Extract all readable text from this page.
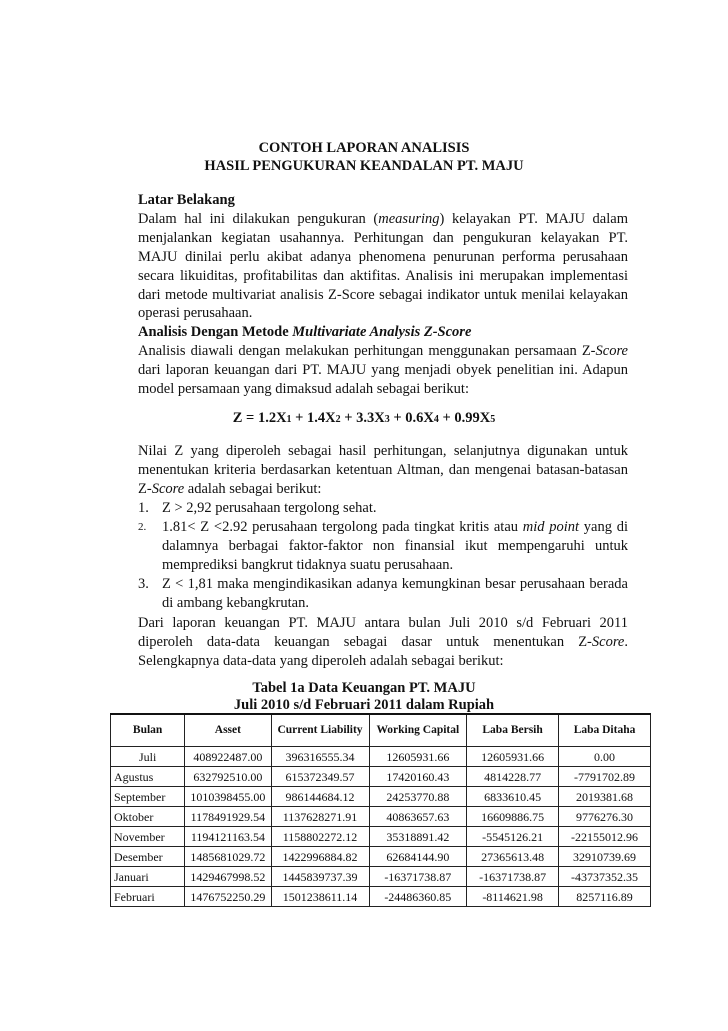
CONTOH LAPORAN ANALISIS
HASIL PENGUKURAN KEANDALAN PT. MAJU
Latar Belakang
Dalam hal ini dilakukan pengukuran (measuring) kelayakan PT. MAJU dalam menjalankan kegiatan usahannya. Perhitungan dan pengukuran kelayakan PT. MAJU dinilai perlu akibat adanya phenomena penurunan performa perusahaan secara likuiditas, profitabilitas dan aktifitas. Analisis ini merupakan implementasi dari metode multivariat analisis Z-Score sebagai indikator untuk menilai kelayakan operasi perusahaan.
Analisis Dengan Metode Multivariate Analysis Z-Score
Analisis diawali dengan melakukan perhitungan menggunakan persamaan Z-Score dari laporan keuangan dari PT. MAJU yang menjadi obyek penelitian ini. Adapun model persamaan yang dimaksud adalah sebagai berikut:
Z = 1.2X1 + 1.4X2 + 3.3X3 + 0.6X4 + 0.99X5
Nilai Z yang diperoleh sebagai hasil perhitungan, selanjutnya digunakan untuk menentukan kriteria berdasarkan ketentuan Altman, dan mengenai batasan-batasan Z-Score adalah sebagai berikut:
1. Z > 2,92 perusahaan tergolong sehat.
2. 1.81< Z <2.92 perusahaan tergolong pada tingkat kritis atau mid point yang di dalamnya berbagai faktor-faktor non finansial ikut mempengaruhi untuk memprediksi bangkrut tidaknya suatu perusahaan.
3. Z < 1,81 maka mengindikasikan adanya kemungkinan besar perusahaan berada di ambang kebangkrutan.
Dari laporan keuangan PT. MAJU antara bulan Juli 2010 s/d Februari 2011 diperoleh data-data keuangan sebagai dasar untuk menentukan Z-Score. Selengkapnya data-data yang diperoleh adalah sebagai berikut:
Tabel 1a Data Keuangan PT. MAJU
Juli 2010 s/d Februari 2011 dalam Rupiah
Bulan	Asset	Current Liability	Working Capital	Laba Bersih	Laba Ditaha
Juli	408922487.00	396316555.34	12605931.66	12605931.66	0.00
Agustus	632792510.00	615372349.57	17420160.43	4814228.77	-7791702.89
September	1010398455.00	986144684.12	24253770.88	6833610.45	2019381.68
Oktober	1178491929.54	1137628271.91	40863657.63	16609886.75	9776276.30
November	1194121163.54	1158802272.12	35318891.42	-5545126.21	-22155012.96
Desember	1485681029.72	1422996884.82	62684144.90	27365613.48	32910739.69
Januari	1429467998.52	1445839737.39	-16371738.87	-16371738.87	-43737352.35
Februari	1476752250.29	1501238611.14	-24486360.85	-8114621.98	8257116.89
